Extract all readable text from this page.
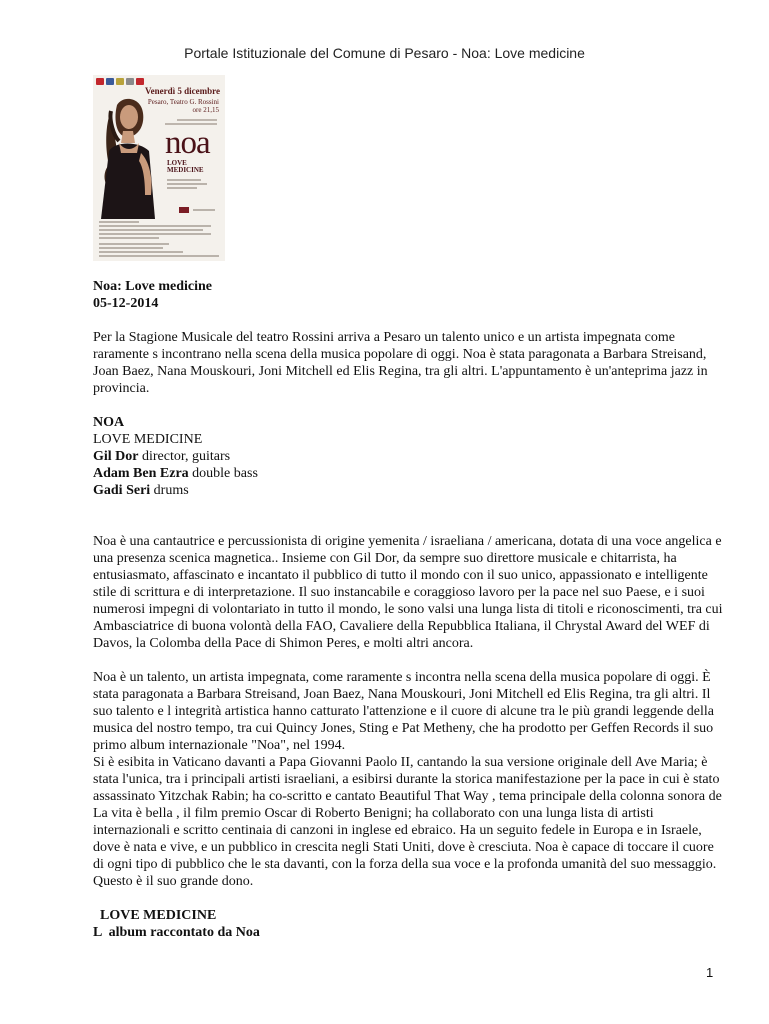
Portale Istituzionale del Comune di Pesaro - Noa: Love medicine
Venerdì 5 dicembre
Pesaro, Teatro G. Rossini
ore 21,15
noa
LOVE
MEDICINE
Noa: Love medicine
05-12-2014

Per la Stagione Musicale del teatro Rossini arriva a Pesaro un talento unico e un artista impegnata come raramente s incontrano nella scena della musica popolare di oggi. Noa è stata paragonata a Barbara Streisand, Joan Baez, Nana Mouskouri, Joni Mitchell ed Elis Regina, tra gli altri. L'appuntamento è un'anteprima jazz in provincia.

NOA
LOVE MEDICINE
Gil Dor director, guitars
Adam Ben Ezra double bass
Gadi Seri drums

Noa è una cantautrice e percussionista di origine yemenita / israeliana / americana, dotata di una voce angelica e una presenza scenica magnetica.. Insieme con Gil Dor, da sempre suo direttore musicale e chitarrista, ha entusiasmato, affascinato e incantato il pubblico di tutto il mondo con il suo unico, appassionato e intelligente stile di scrittura e di interpretazione. Il suo instancabile e coraggioso lavoro per la pace nel suo Paese, e i suoi numerosi impegni di volontariato in tutto il mondo, le sono valsi una lunga lista di titoli e riconoscimenti, tra cui Ambasciatrice di buona volontà della FAO, Cavaliere della Repubblica Italiana, il Chrystal Award del WEF di Davos, la Colomba della Pace di Shimon Peres, e molti altri ancora.

Noa è un talento, un artista impegnata, come raramente s incontra nella scena della musica popolare di oggi. È stata paragonata a Barbara Streisand, Joan Baez, Nana Mouskouri, Joni Mitchell ed Elis Regina, tra gli altri. Il suo talento e l integrità artistica hanno catturato l'attenzione e il cuore di alcune tra le più grandi leggende della musica del nostro tempo, tra cui Quincy Jones, Sting e Pat Metheny, che ha prodotto per Geffen Records il suo primo album internazionale "Noa", nel 1994.

Si è esibita in Vaticano davanti a Papa Giovanni Paolo II, cantando la sua versione originale dell Ave Maria; è stata l'unica, tra i principali artisti israeliani, a esibirsi durante la storica manifestazione per la pace in cui è stato assassinato Yitzchak Rabin; ha co-scritto e cantato Beautiful That Way , tema principale della colonna sonora de La vita è bella , il film premio Oscar di Roberto Benigni; ha collaborato con una lunga lista di artisti internazionali e scritto centinaia di canzoni in inglese ed ebraico. Ha un seguito fedele in Europa e in Israele, dove è nata e vive, e un pubblico in crescita negli Stati Uniti, dove è cresciuta. Noa è capace di toccare il cuore di ogni tipo di pubblico che le sta davanti, con la forza della sua voce e la profonda umanità del suo messaggio. Questo è il suo grande dono.

LOVE MEDICINE
L  album raccontato da Noa
1
